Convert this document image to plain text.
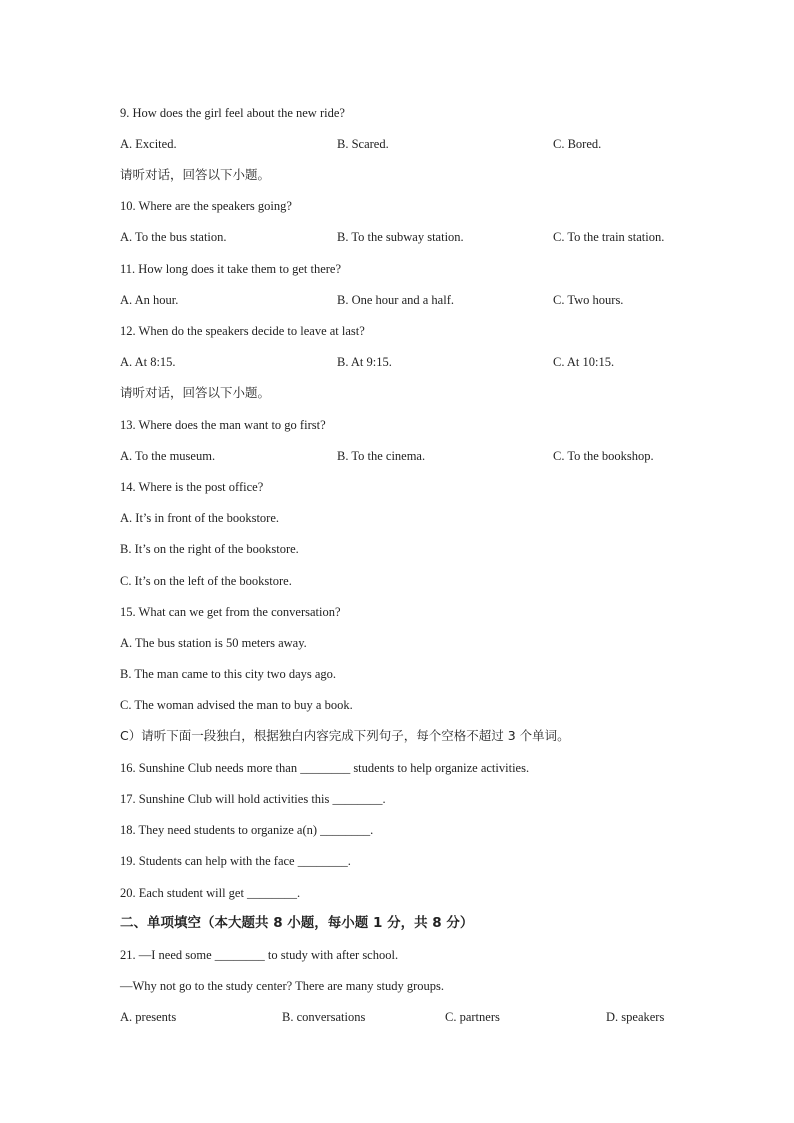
9. How does the girl feel about the new ride?
A. Excited.	B. Scared.	C. Bored.
请听对话，回答以下小题。
10. Where are the speakers going?
A. To the bus station.	B. To the subway station.	C. To the train station.
11. How long does it take them to get there?
A. An hour.	B. One hour and a half.	C. Two hours.
12. When do the speakers decide to leave at last?
A. At 8:15.	B. At 9:15.	C. At 10:15.
请听对话，回答以下小题。
13. Where does the man want to go first?
A. To the museum.	B. To the cinema.	C. To the bookshop.
14. Where is the post office?
A. It’s in front of the bookstore.
B. It’s on the right of the bookstore.
C. It’s on the left of the bookstore.
15. What can we get from the conversation?
A. The bus station is 50 meters away.
B. The man came to this city two days ago.
C. The woman advised the man to buy a book.
C）请听下面一段独白，根据独白内容完成下列句子，每个空格不超过 3 个单词。
16. Sunshine Club needs more than ________ students to help organize activities.
17. Sunshine Club will hold activities this ________.
18. They need students to organize a(n) ________.
19. Students can help with the face ________.
20. Each student will get ________.
二、单项填空（本大题共 8 小题，每小题 1 分，共 8 分）
21. —I need some ________ to study with after school.
—Why not go to the study center? There are many study groups.
A. presents	B. conversations	C. partners	D. speakers
